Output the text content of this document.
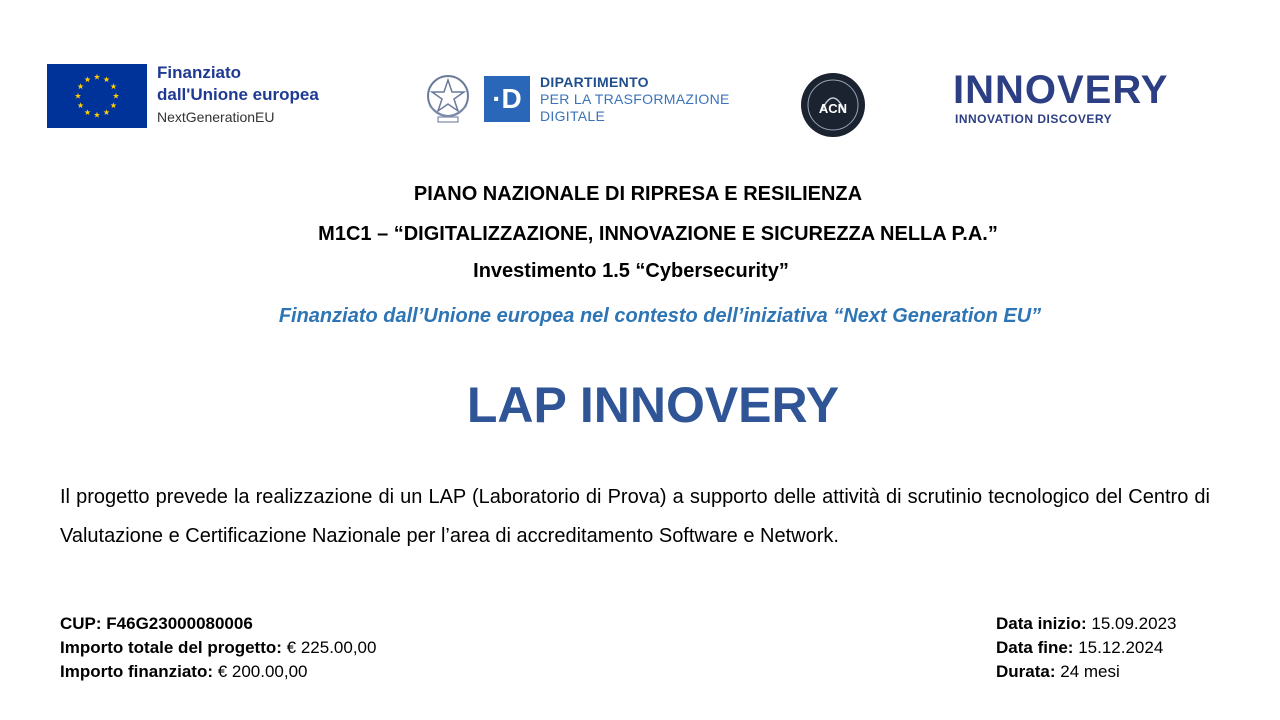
Finanziato
dall'Unione europea
NextGenerationEU
·D
DIPARTIMENTO
PER LA TRASFORMAZIONE
DIGITALE	ACN	INNOVERY
INNOVATION DISCOVERY
PIANO NAZIONALE DI RIPRESA E RESILIENZA
M1C1 – “DIGITALIZZAZIONE, INNOVAZIONE E SICUREZZA NELLA P.A.”
Investimento 1.5 “Cybersecurity”
Finanziato dall’Unione europea nel contesto dell’iniziativa “Next Generation EU”
LAP INNOVERY
Il progetto prevede la realizzazione di un LAP (Laboratorio di Prova) a supporto delle attività di scrutinio tecnologico del Centro di Valutazione e Certificazione Nazionale per l’area di accreditamento Software e Network.
CUP: F46G23000080006
Importo totale del progetto: € 225.00,00
Importo finanziato: € 200.00,00
Data inizio: 15.09.2023
Data fine: 15.12.2024
Durata: 24 mesi
